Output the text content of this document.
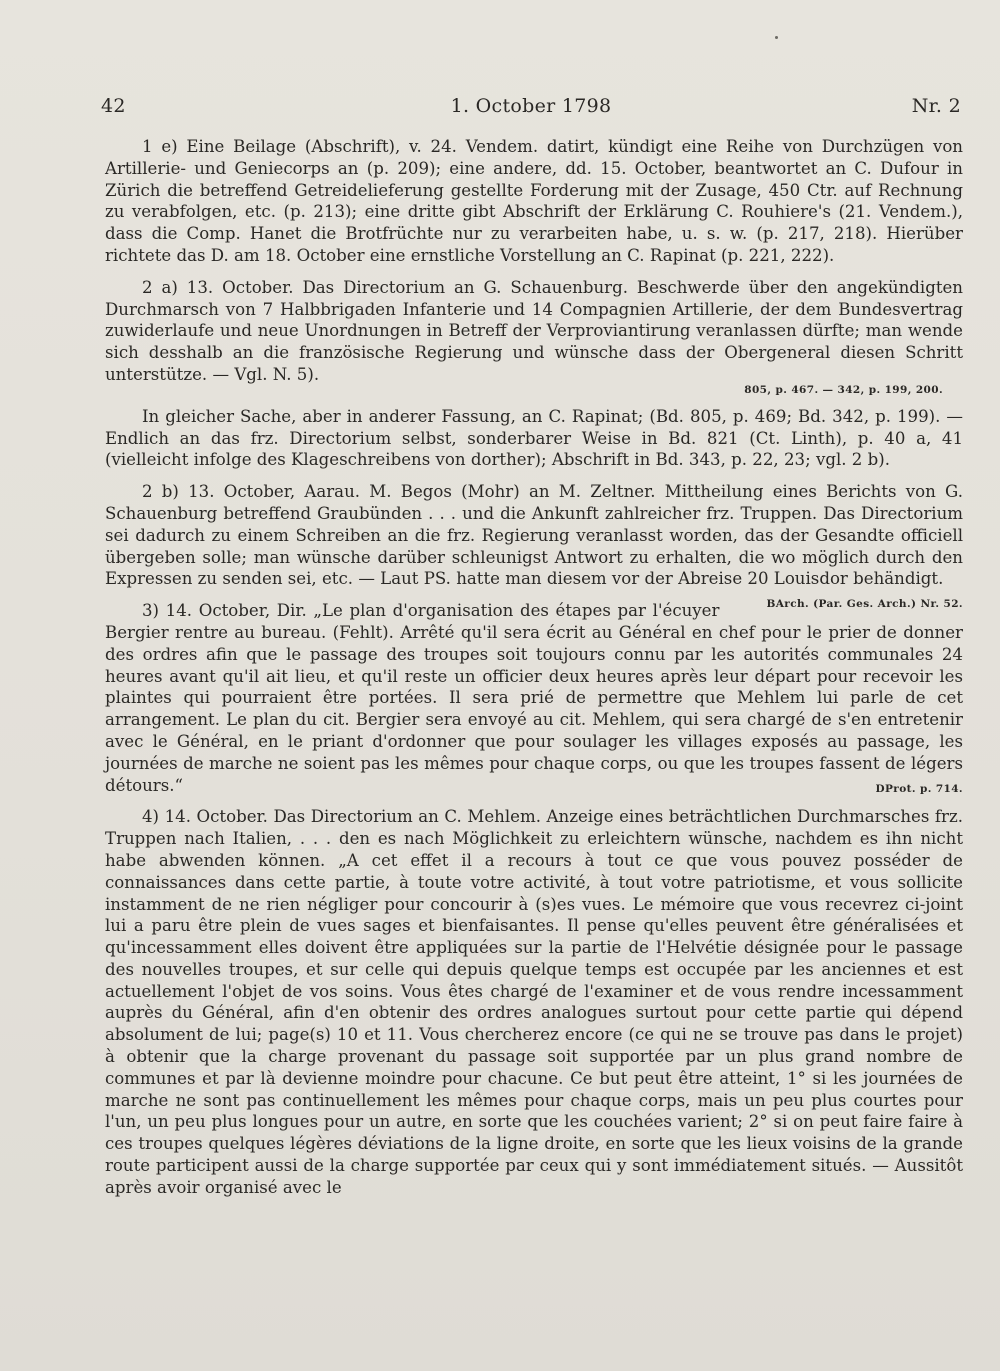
42	1. October 1798	Nr. 2

1 e) Eine Beilage (Abschrift), v. 24. Vendem. datirt, kündigt eine Reihe von Durchzügen von Artillerie- und Geniecorps an (p. 209); eine andere, dd. 15. October, beantwortet an C. Dufour in Zürich die betreffend Getreidelieferung gestellte Forderung mit der Zusage, 450 Ctr. auf Rechnung zu verabfolgen, etc. (p. 213); eine dritte gibt Abschrift der Erklärung C. Rouhiere's (21. Vendem.), dass die Comp. Hanet die Brotfrüchte nur zu verarbeiten habe, u. s. w. (p. 217, 218). Hierüber richtete das D. am 18. October eine ernstliche Vorstellung an C. Rapinat (p. 221, 222).

2 a) 13. October. Das Directorium an G. Schauenburg. Beschwerde über den angekündigten Durchmarsch von 7 Halbbrigaden Infanterie und 14 Compagnien Artillerie, der dem Bundesvertrag zuwiderlaufe und neue Unordnungen in Betreff der Verproviantirung veranlassen dürfte; man wende sich desshalb an die französische Regierung und wünsche dass der Obergeneral diesen Schritt unterstütze. — Vgl. N. 5).

805, p. 467. — 342, p. 199, 200.

In gleicher Sache, aber in anderer Fassung, an C. Rapinat; (Bd. 805, p. 469; Bd. 342, p. 199). — Endlich an das frz. Directorium selbst, sonderbarer Weise in Bd. 821 (Ct. Linth), p. 40 a, 41 (vielleicht infolge des Klageschreibens von dorther); Abschrift in Bd. 343, p. 22, 23; vgl. 2 b).

2 b) 13. October, Aarau. M. Begos (Mohr) an M. Zeltner. Mittheilung eines Berichts von G. Schauenburg betreffend Graubünden . . . und die Ankunft zahlreicher frz. Truppen. Das Directorium sei dadurch zu einem Schreiben an die frz. Regierung veranlasst worden, das der Gesandte officiell übergeben solle; man wünsche darüber schleunigst Antwort zu erhalten, die wo möglich durch den Expressen zu senden sei, etc. — Laut PS. hatte man diesem vor der Abreise 20 Louisdor behändigt.
BArch. (Par. Ges. Arch.) Nr. 52.

3) 14. October, Dir. „Le plan d'organisation des étapes par l'écuyer Bergier rentre au bureau. (Fehlt). Arrêté qu'il sera écrit au Général en chef pour le prier de donner des ordres afin que le passage des troupes soit toujours connu par les autorités communales 24 heures avant qu'il ait lieu, et qu'il reste un officier deux heures après leur départ pour recevoir les plaintes qui pourraient être portées. Il sera prié de permettre que Mehlem lui parle de cet arrangement. Le plan du cit. Bergier sera envoyé au cit. Mehlem, qui sera chargé de s'en entretenir avec le Général, en le priant d'ordonner que pour soulager les villages exposés au passage, les journées de marche ne soient pas les mêmes pour chaque corps, ou que les troupes fassent de légers détours.“	DProt. p. 714.

4) 14. October. Das Directorium an C. Mehlem. Anzeige eines beträchtlichen Durchmarsches frz. Truppen nach Italien, . . . den es nach Möglichkeit zu erleichtern wünsche, nachdem es ihn nicht habe abwenden können. „A cet effet il a recours à tout ce que vous pouvez posséder de connaissances dans cette partie, à toute votre activité, à tout votre patriotisme, et vous sollicite instamment de ne rien négliger pour concourir à (s)es vues. Le mémoire que vous recevrez ci-joint lui a paru être plein de vues sages et bienfaisantes. Il pense qu'elles peuvent être généralisées et qu'incessamment elles doivent être appliquées sur la partie de l'Helvétie désignée pour le passage des nouvelles troupes, et sur celle qui depuis quelque temps est occupée par les anciennes et est actuellement l'objet de vos soins. Vous êtes chargé de l'examiner et de vous rendre incessamment auprès du Général, afin d'en obtenir des ordres analogues surtout pour cette partie qui dépend absolument de lui; page(s) 10 et 11. Vous chercherez encore (ce qui ne se trouve pas dans le projet) à obtenir que la charge provenant du passage soit supportée par un plus grand nombre de communes et par là devienne moindre pour chacune. Ce but peut être atteint, 1° si les journées de marche ne sont pas continuellement les mêmes pour chaque corps, mais un peu plus courtes pour l'un, un peu plus longues pour un autre, en sorte que les couchées varient; 2° si on peut faire faire à ces troupes quelques légères déviations de la ligne droite, en sorte que les lieux voisins de la grande route participent aussi de la charge supportée par ceux qui y sont immédiatement situés. — Aussitôt après avoir organisé avec le
